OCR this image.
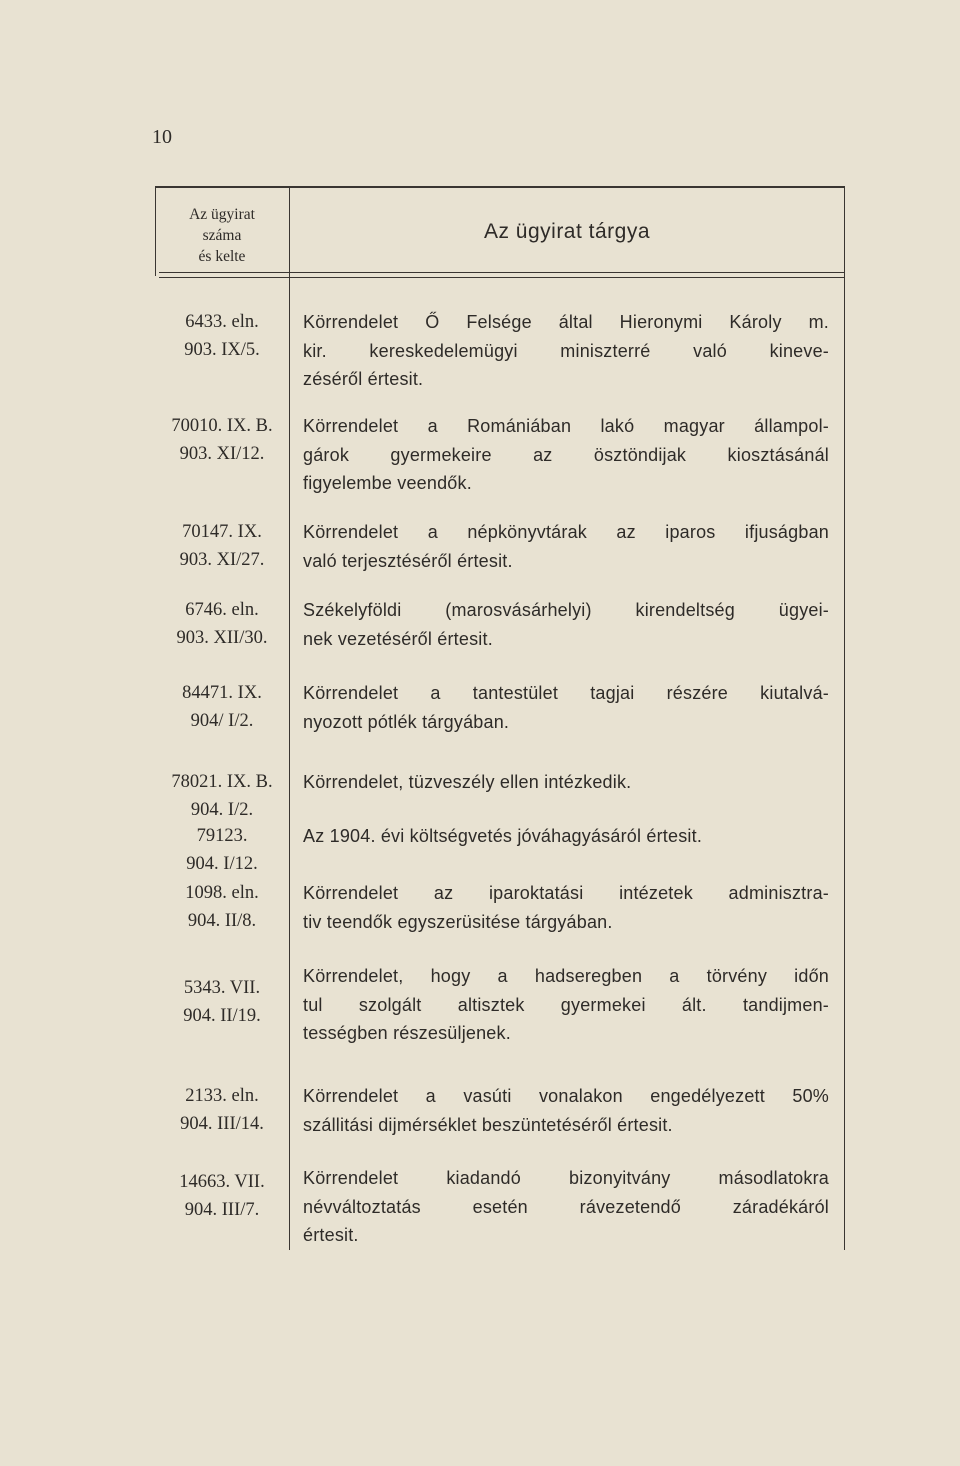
10
Az ügyirat
száma
és kelte
Az ügyirat tárgya
6433. eln.
903. IX/5.
Körrendelet Ő Felsége által Hieronymi Károly m.
kir. kereskedelemügyi miniszterré való kineve-
zéséről értesit.
70010. IX. B.
903. XI/12.
Körrendelet a Romániában lakó magyar állampol-
gárok gyermekeire az ösztöndijak kiosztásánál
figyelembe veendők.
70147. IX.
903. XI/27.
Körrendelet a népkönyvtárak az iparos ifjuságban
való terjesztéséről értesit.
6746. eln.
903. XII/30.
Székelyföldi (marosvásárhelyi) kirendeltség ügyei-
nek vezetéséről értesit.
84471. IX.
904/ I/2.
Körrendelet a tantestület tagjai részére kiutalvá-
nyozott pótlék tárgyában.
78021. IX. B.
904. I/2.
Körrendelet, tüzveszély ellen intézkedik.
79123.
904. I/12.
Az 1904. évi költségvetés jóváhagyásáról értesit.
1098. eln.
904. II/8.
Körrendelet az iparoktatási intézetek adminisztra-
tiv teendők egyszerüsitése tárgyában.
5343. VII.
904. II/19.
Körrendelet, hogy a hadseregben a törvény időn
tul szolgált altisztek gyermekei ált. tandijmen-
tességben részesüljenek.
2133. eln.
904. III/14.
Körrendelet a vasúti vonalakon engedélyezett 50%
szállitási dijmérséklet beszüntetéséről értesit.
14663. VII.
904. III/7.
Körrendelet kiadandó bizonyitvány másodlatokra
névváltoztatás esetén rávezetendő záradékáról
értesit.
